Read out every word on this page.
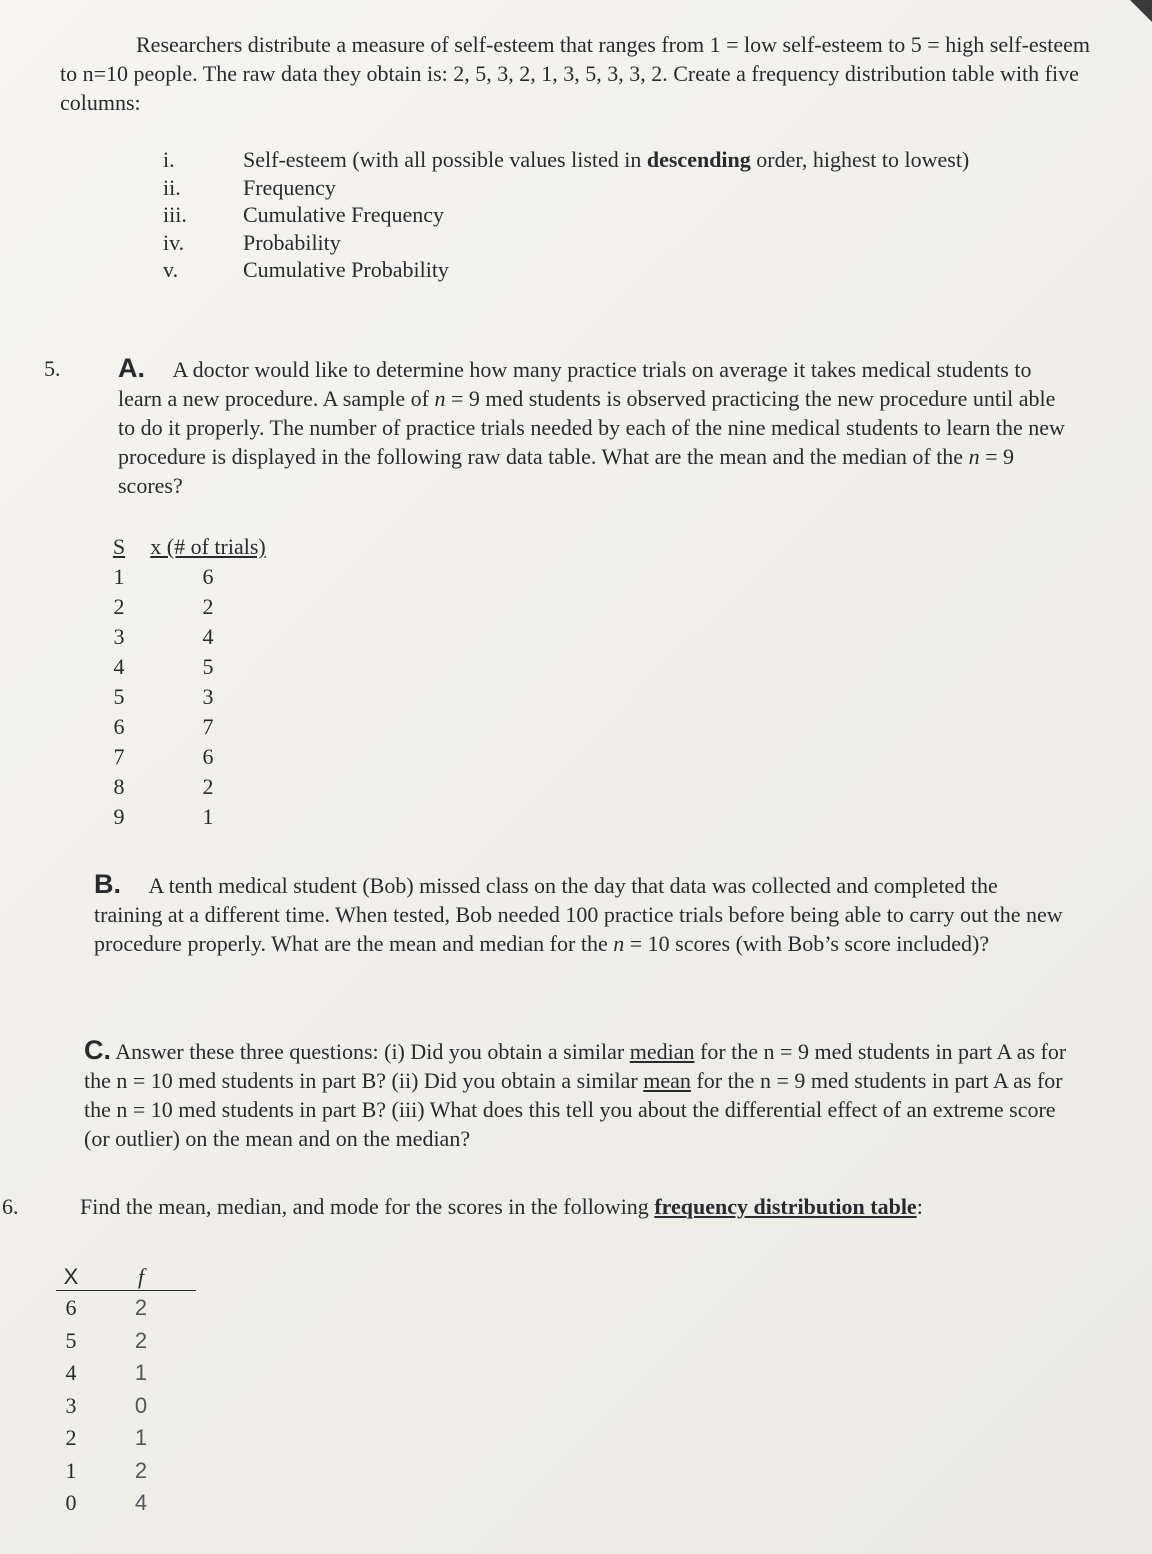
Researchers distribute a measure of self-esteem that ranges from 1 = low self-esteem to 5 = high self-esteem to n=10 people. The raw data they obtain is: 2, 5, 3, 2, 1, 3, 5, 3, 3, 2. Create a frequency distribution table with five columns:
i.	Self-esteem (with all possible values listed in descending order, highest to lowest)
ii.	Frequency
iii.	Cumulative Frequency
iv.	Probability
v.	Cumulative Probability
5. A. A doctor would like to determine how many practice trials on average it takes medical students to learn a new procedure. A sample of n = 9 med students is observed practicing the new procedure until able to do it properly. The number of practice trials needed by each of the nine medical students to learn the new procedure is displayed in the following raw data table. What are the mean and the median of the n = 9 scores?
S	x (# of trials)
1	6
2	2
3	4
4	5
5	3
6	7
7	6
8	2
9	1
B. A tenth medical student (Bob) missed class on the day that data was collected and completed the training at a different time. When tested, Bob needed 100 practice trials before being able to carry out the new procedure properly. What are the mean and median for the n = 10 scores (with Bob’s score included)?
C. Answer these three questions: (i) Did you obtain a similar median for the n = 9 med students in part A as for the n = 10 med students in part B? (ii) Did you obtain a similar mean for the n = 9 med students in part A as for the n = 10 med students in part B? (iii) What does this tell you about the differential effect of an extreme score (or outlier) on the mean and on the median?
6.	Find the mean, median, and mode for the scores in the following frequency distribution table:
X	f
6	2
5	2
4	1
3	0
2	1
1	2
0	4
